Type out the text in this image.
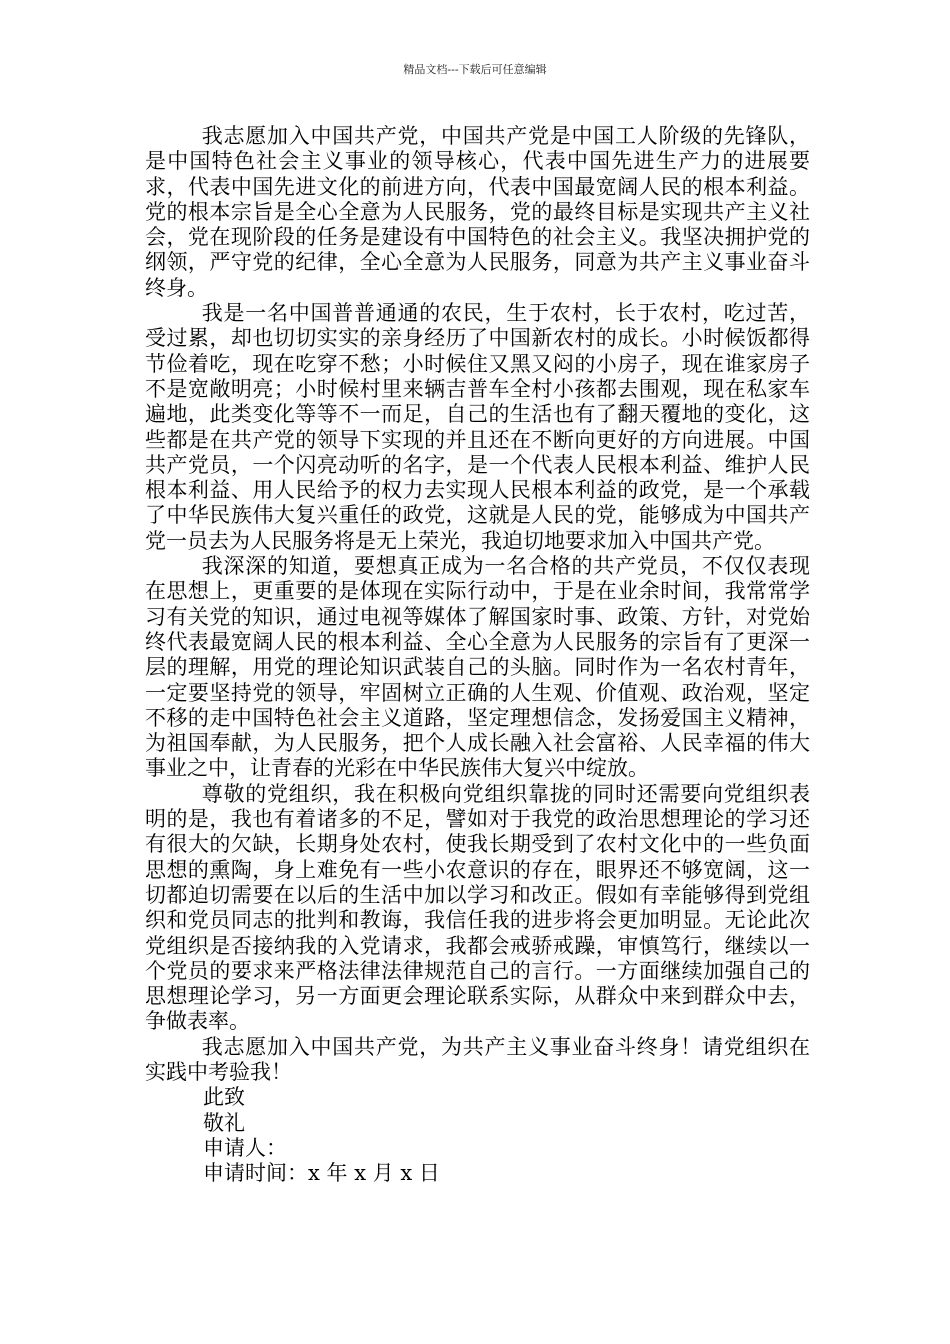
精品文档---下载后可任意编辑

我志愿加入中国共产党，中国共产党是中国工人阶级的先锋队，是中国特色社会主义事业的领导核心，代表中国先进生产力的进展要求，代表中国先进文化的前进方向，代表中国最宽阔人民的根本利益。党的根本宗旨是全心全意为人民服务，党的最终目标是实现共产主义社会，党在现阶段的任务是建设有中国特色的社会主义。我坚决拥护党的纲领，严守党的纪律，全心全意为人民服务，同意为共产主义事业奋斗终身。

我是一名中国普普通通的农民，生于农村，长于农村，吃过苦，受过累，却也切切实实的亲身经历了中国新农村的成长。小时候饭都得节俭着吃，现在吃穿不愁；小时候住又黑又闷的小房子，现在谁家房子不是宽敞明亮；小时候村里来辆吉普车全村小孩都去围观，现在私家车遍地，此类变化等等不一而足，自己的生活也有了翻天覆地的变化，这些都是在共产党的领导下实现的并且还在不断向更好的方向进展。中国共产党员，一个闪亮动听的名字，是一个代表人民根本利益、维护人民根本利益、用人民给予的权力去实现人民根本利益的政党，是一个承载了中华民族伟大复兴重任的政党，这就是人民的党，能够成为中国共产党一员去为人民服务将是无上荣光，我迫切地要求加入中国共产党。

我深深的知道，要想真正成为一名合格的共产党员，不仅仅表现在思想上，更重要的是体现在实际行动中，于是在业余时间，我常常学习有关党的知识，通过电视等媒体了解国家时事、政策、方针，对党始终代表最宽阔人民的根本利益、全心全意为人民服务的宗旨有了更深一层的理解，用党的理论知识武装自己的头脑。同时作为一名农村青年，一定要坚持党的领导，牢固树立正确的人生观、价值观、政治观，坚定不移的走中国特色社会主义道路，坚定理想信念，发扬爱国主义精神，为祖国奉献，为人民服务，把个人成长融入社会富裕、人民幸福的伟大事业之中，让青春的光彩在中华民族伟大复兴中绽放。

尊敬的党组织，我在积极向党组织靠拢的同时还需要向党组织表明的是，我也有着诸多的不足，譬如对于我党的政治思想理论的学习还有很大的欠缺，长期身处农村，使我长期受到了农村文化中的一些负面思想的熏陶，身上难免有一些小农意识的存在，眼界还不够宽阔，这一切都迫切需要在以后的生活中加以学习和改正。假如有幸能够得到党组织和党员同志的批判和教诲，我信任我的进步将会更加明显。无论此次党组织是否接纳我的入党请求，我都会戒骄戒躁，审慎笃行，继续以一个党员的要求来严格法律法律规范自己的言行。一方面继续加强自己的思想理论学习，另一方面更会理论联系实际，从群众中来到群众中去，争做表率。

我志愿加入中国共产党，为共产主义事业奋斗终身！请党组织在实践中考验我！

此致

敬礼

申请人：

申请时间：x 年 x 月 x 日
